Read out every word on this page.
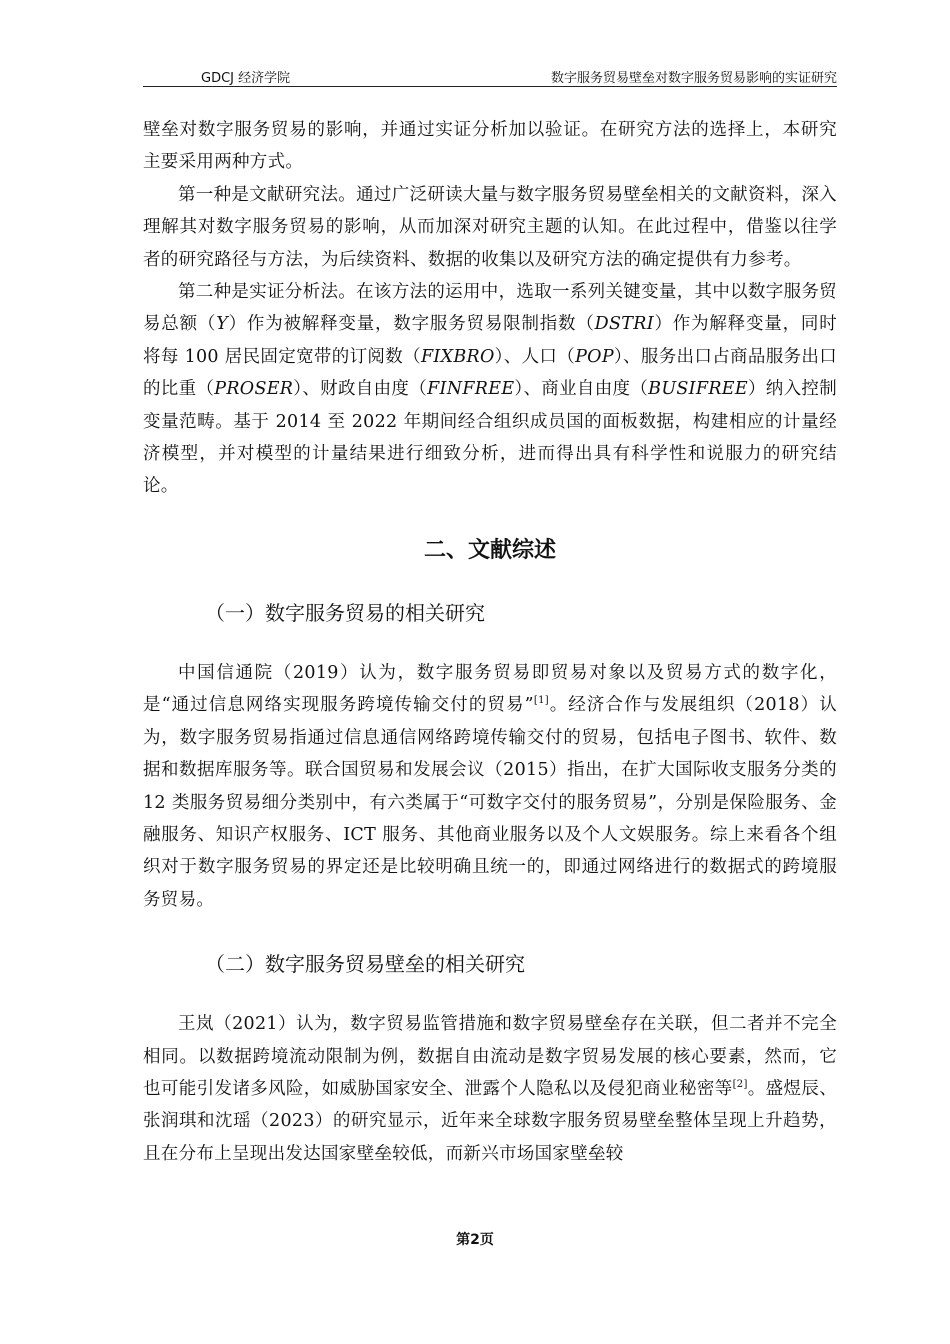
GDCJ 经济学院	数字服务贸易壁垒对数字服务贸易影响的实证研究

壁垒对数字服务贸易的影响，并通过实证分析加以验证。在研究方法的选择上，本研究主要采用两种方式。

第一种是文献研究法。通过广泛研读大量与数字服务贸易壁垒相关的文献资料，深入理解其对数字服务贸易的影响，从而加深对研究主题的认知。在此过程中，借鉴以往学者的研究路径与方法，为后续资料、数据的收集以及研究方法的确定提供有力参考。

第二种是实证分析法。在该方法的运用中，选取一系列关键变量，其中以数字服务贸易总额（Y）作为被解释变量，数字服务贸易限制指数（DSTRI）作为解释变量，同时将每 100 居民固定宽带的订阅数（FIXBRO）、人口（POP）、服务出口占商品服务出口的比重（PROSER）、财政自由度（FINFREE）、商业自由度（BUSIFREE）纳入控制变量范畴。基于 2014 至 2022 年期间经合组织成员国的面板数据，构建相应的计量经济模型，并对模型的计量结果进行细致分析，进而得出具有科学性和说服力的研究结论。

二、文献综述
（一）数字服务贸易的相关研究

中国信通院（2019）认为，数字服务贸易即贸易对象以及贸易方式的数字化，是“通过信息网络实现服务跨境传输交付的贸易”[1]。经济合作与发展组织（2018）认为，数字服务贸易指通过信息通信网络跨境传输交付的贸易，包括电子图书、软件、数据和数据库服务等。联合国贸易和发展会议（2015）指出，在扩大国际收支服务分类的 12 类服务贸易细分类别中，有六类属于“可数字交付的服务贸易”，分别是保险服务、金融服务、知识产权服务、ICT 服务、其他商业服务以及个人文娱服务。综上来看各个组织对于数字服务贸易的界定还是比较明确且统一的，即通过网络进行的数据式的跨境服务贸易。

（二）数字服务贸易壁垒的相关研究

王岚（2021）认为，数字贸易监管措施和数字贸易壁垒存在关联，但二者并不完全相同。以数据跨境流动限制为例，数据自由流动是数字贸易发展的核心要素，然而，它也可能引发诸多风险，如威胁国家安全、泄露个人隐私以及侵犯商业秘密等[2]。盛煜辰、张润琪和沈瑶（2023）的研究显示，近年来全球数字服务贸易壁垒整体呈现上升趋势，且在分布上呈现出发达国家壁垒较低，而新兴市场国家壁垒较

第2页
